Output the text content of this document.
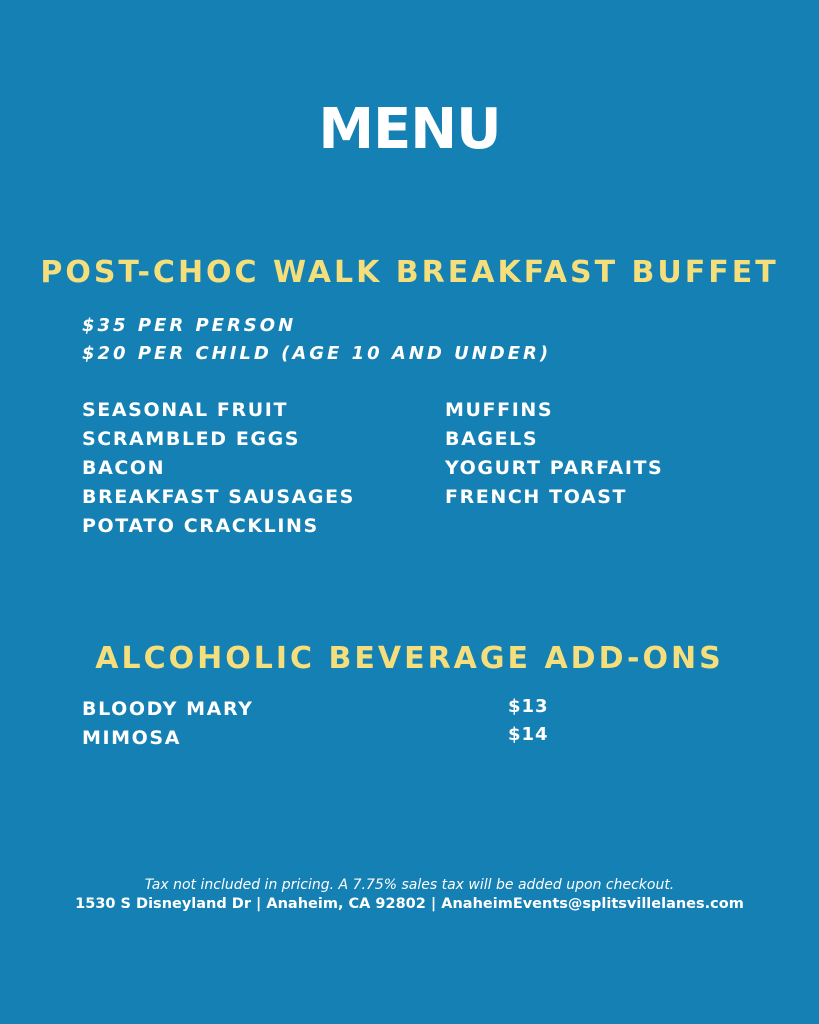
MENU
POST-CHOC WALK BREAKFAST BUFFET
$35 PER PERSON
$20 PER CHILD (AGE 10 AND UNDER)
SEASONAL FRUIT
SCRAMBLED EGGS
BACON
BREAKFAST SAUSAGES
POTATO CRACKLINS
MUFFINS
BAGELS
YOGURT PARFAITS
FRENCH TOAST
ALCOHOLIC BEVERAGE ADD-ONS
BLOODY MARY
MIMOSA
$13
$14
Tax not included in pricing. A 7.75% sales tax will be added upon checkout.
1530 S Disneyland Dr | Anaheim, CA 92802 | AnaheimEvents@splitsvillelanes.com
